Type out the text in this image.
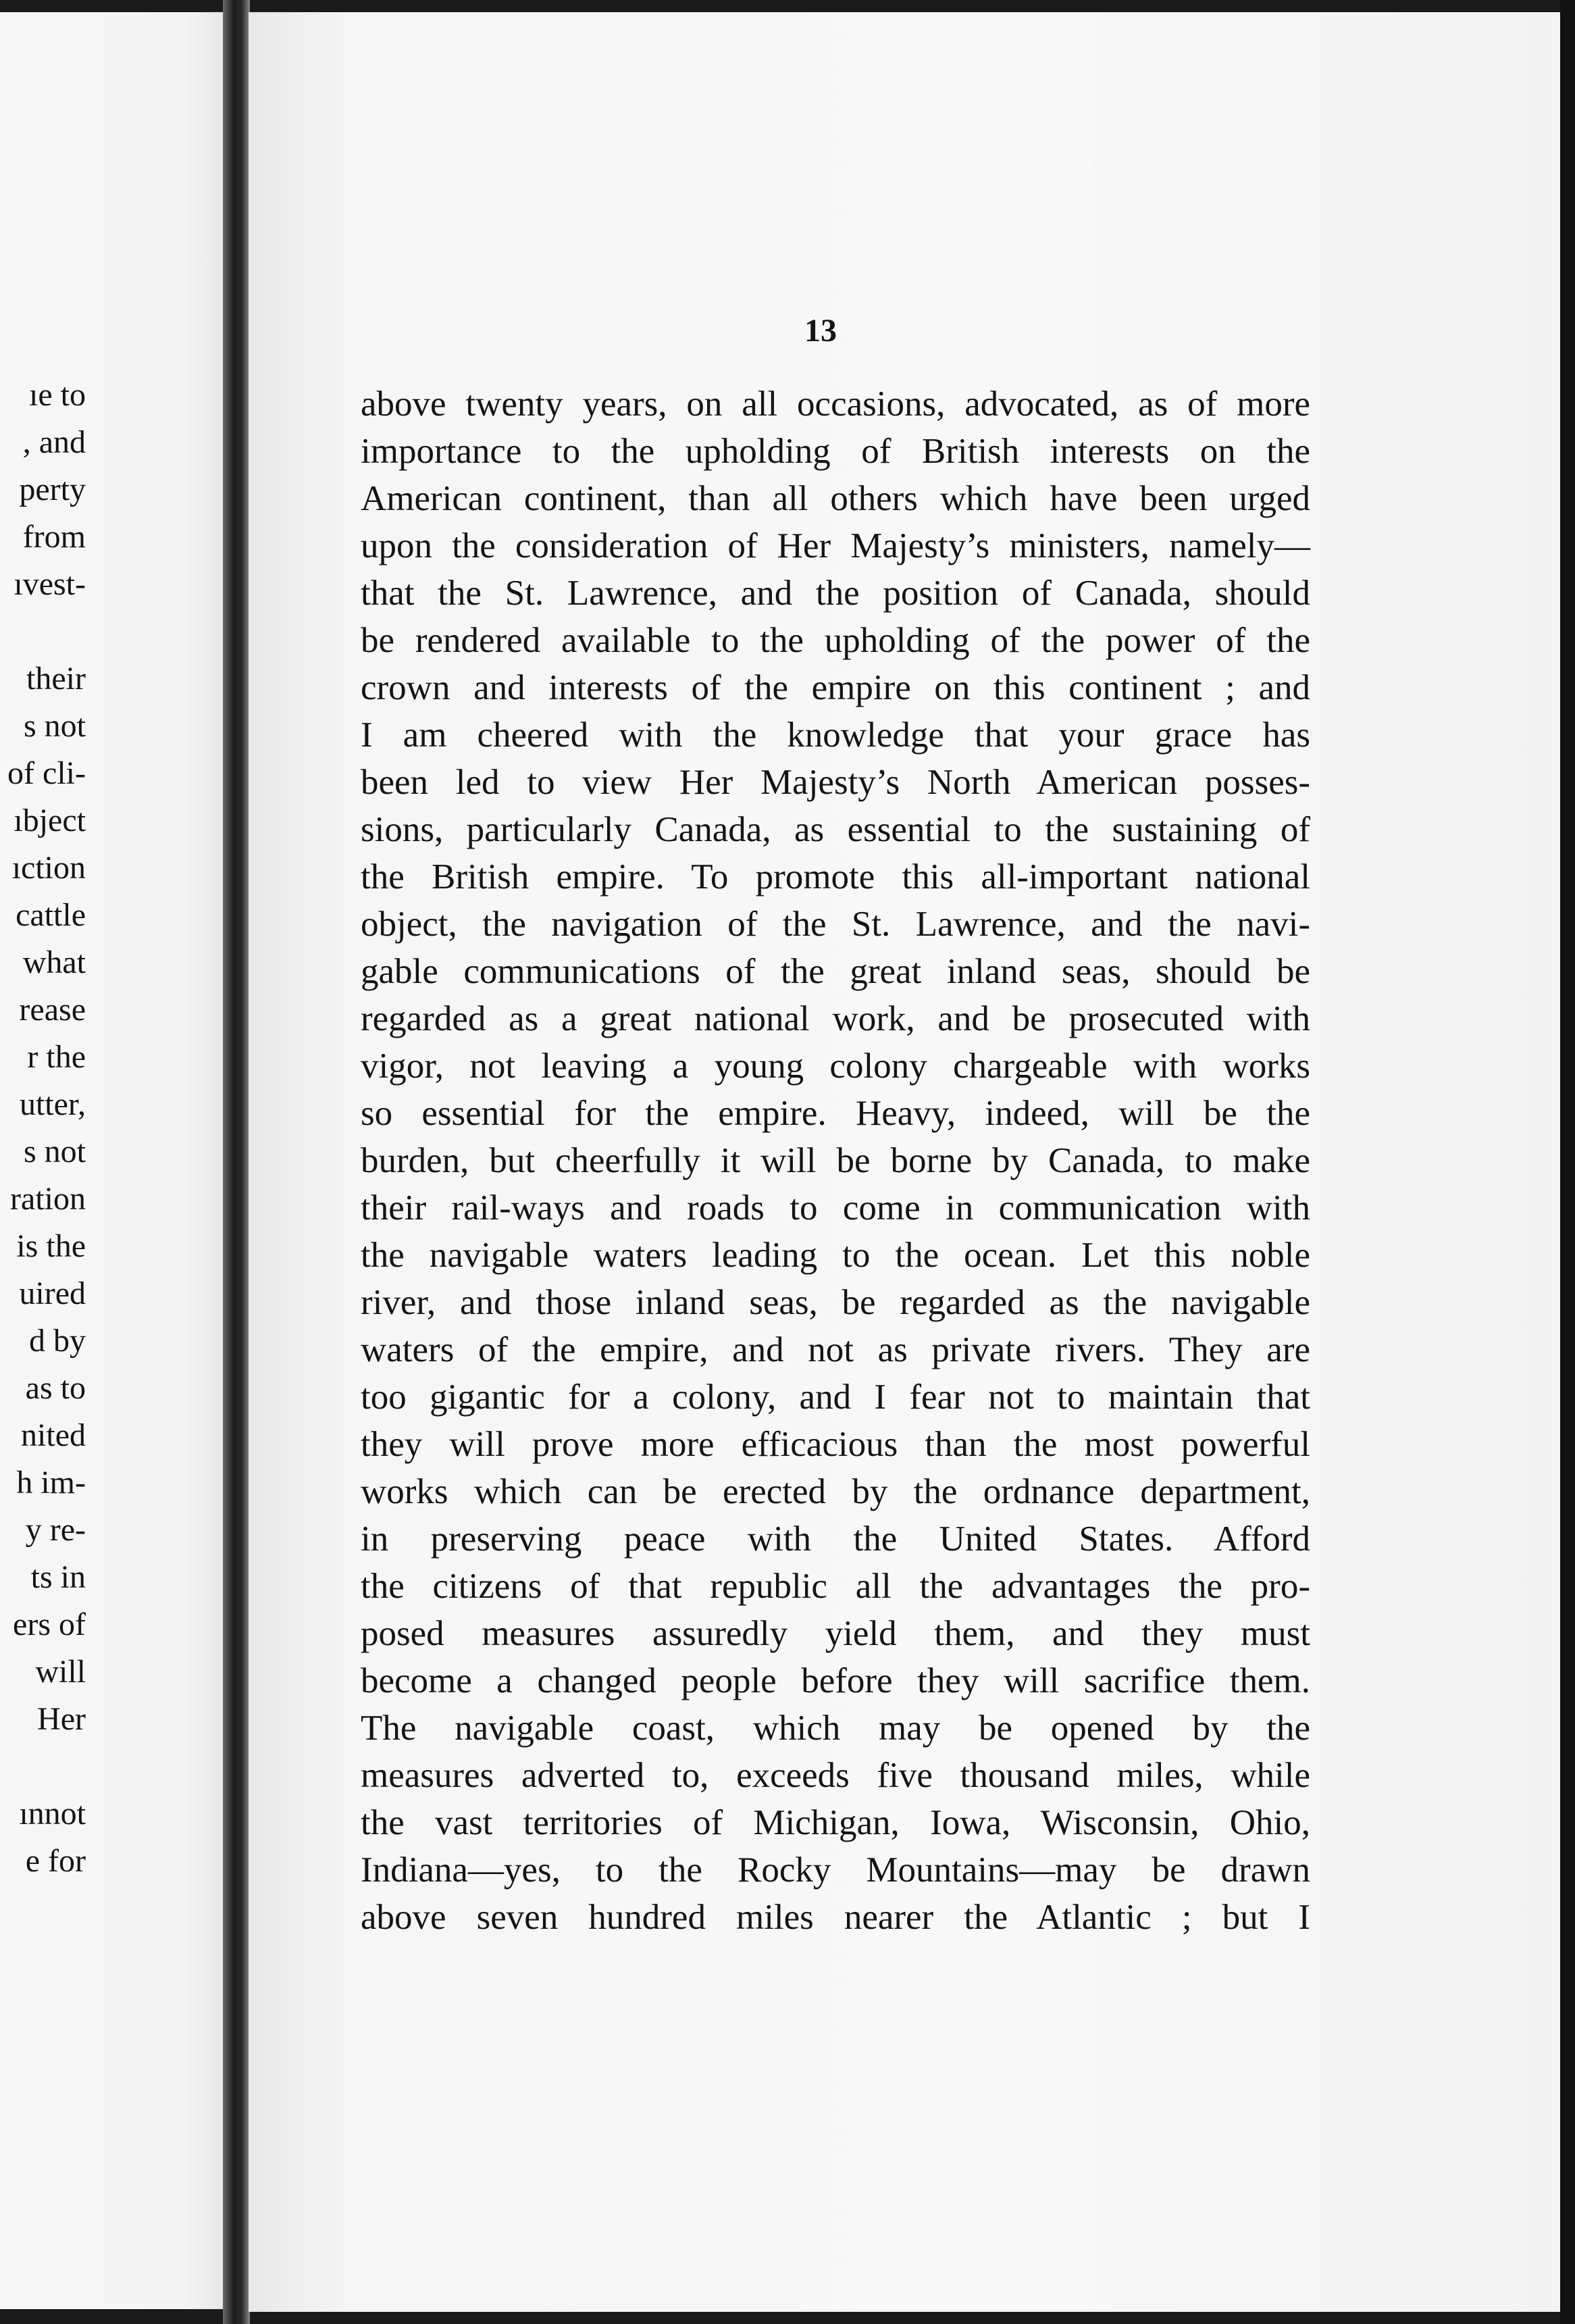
ıe to
, and
perty
from
ıvest-
their
s not
of cli-
ıbject
ıction
cattle
what
rease
r the
utter,
s not
ration
is the
uired
d by
as to
nited
h im-
y re-
ts in
ers of
will
Her
ınnot
e for
13
above twenty years, on all occasions, advocated, as of more
importance to the upholding of British interests on the
American continent, than all others which have been urged
upon the consideration of Her Majesty’s ministers, namely—
that the St. Lawrence, and the position of Canada, should
be rendered available to the upholding of the power of the
crown and interests of the empire on this continent ; and
I am cheered with the knowledge that your grace has
been led to view Her Majesty’s North American posses-
sions, particularly Canada, as essential to the sustaining of
the British empire. To promote this all-important national
object, the navigation of the St. Lawrence, and the navi-
gable communications of the great inland seas, should be
regarded as a great national work, and be prosecuted with
vigor, not leaving a young colony chargeable with works
so essential for the empire. Heavy, indeed, will be the
burden, but cheerfully it will be borne by Canada, to make
their rail-ways and roads to come in communication with
the navigable waters leading to the ocean. Let this noble
river, and those inland seas, be regarded as the navigable
waters of the empire, and not as private rivers. They are
too gigantic for a colony, and I fear not to maintain that
they will prove more efficacious than the most powerful
works which can be erected by the ordnance department,
in preserving peace with the United States. Afford
the citizens of that republic all the advantages the pro-
posed measures assuredly yield them, and they must
become a changed people before they will sacrifice them.
The navigable coast, which may be opened by the
measures adverted to, exceeds five thousand miles, while
the vast territories of Michigan, Iowa, Wisconsin, Ohio,
Indiana—yes, to the Rocky Mountains—may be drawn
above seven hundred miles nearer the Atlantic ; but I
